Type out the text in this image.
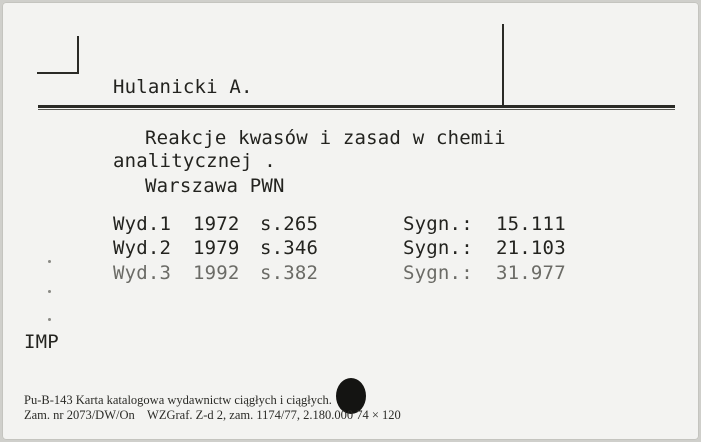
Hulanicki A.
Reakcje kwasów i zasad w chemii
analitycznej .
Warszawa PWN
Wyd.1 1972 s.265	Sygn.: 15.111
Wyd.2 1979 s.346	Sygn.: 21.103
Wyd.3 1992 s.382	Sygn.: 31.977
IMP
Pu-B-143 Karta katalogowa wydawnictw ciągłych i ciągłych.
Zam. nr 2073/DW/On    WZGraf. Z-d 2, zam. 1174/77, 2.180.000 74 × 120
